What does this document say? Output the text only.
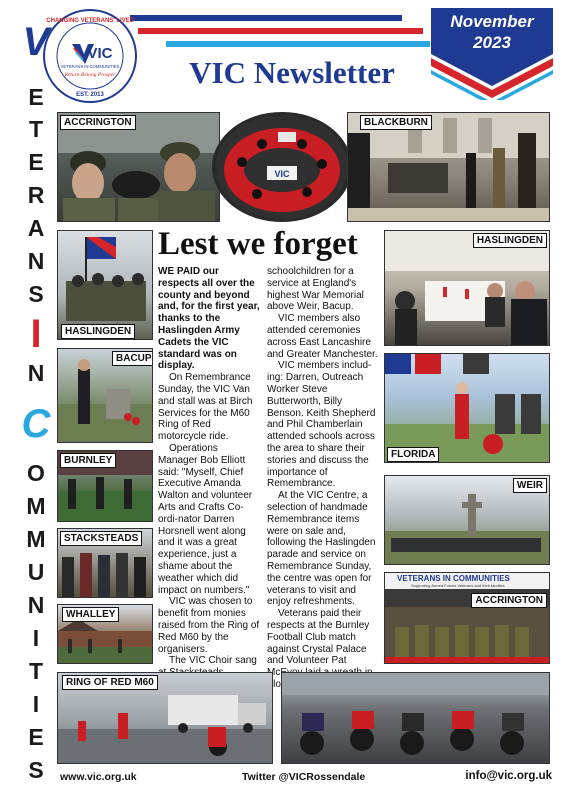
November
2023
VIC
VETERANS IN COMMUNITIES
Return Belong Prosper
CHANGING VETERANS' LIVES
EST. 2013
VIC Newsletter
V
E
T
E
R
A
N
S
I
N
C
O
M
M
U
N
I
T
I
E
S
ACCRINGTON
VIC
BLACKBURN
HASLINGDEN
BACUP
BURNLEY
STACKSTEADS
WHALLEY
Lest we forget

WE PAID our respects all over the county and beyond and, for the first year, thanks to the Haslingden Army Cadets the VIC standard was on display.

On Remembrance Sunday, the VIC Van and stall was at Birch Services for the M60 Ring of Red motorcycle ride.

Operations Manager Bob Elliott said: "Myself, Chief Executive Amanda Walton and volunteer Arts and Crafts Co-ordi-nator Darren Horsnell went along and it was a great experience, just a shame about the weather which did impact on numbers."

VIC was chosen to benefit from monies raised from the Ring of Red M60 by the organisers.

The VIC Choir sang

schoolchildren for a service at England's highest War Memorial above Weir, Bacup.

VIC members also attended ceremonies across East Lancashire and Greater Manchester.

VIC members includ-ing: Darren, Outreach Worker Steve Butterworth, Billy Benson. Keith Shepherd and Phil Chamberlain attended schools across the area to share their stories and discuss the importance of Remembrance.

At the VIC Centre, a selection of handmade Remembrance items were on sale and, following the Haslingden parade and service on Remembrance Sunday, the centre was open for veterans to visit and enjoy refreshments.

Veterans paid their respects at the Burnley Football Club match against Crystal Palace and Volunteer Pat

HASLINGDEN
FLORIDA
WEIR
VETERANS IN COMMUNITIES
Supporting Armed Forces Veterans and their families
ACCRINGTON
RING OF RED M60
www.vic.org.uk	Twitter @VICRossendale	info@vic.org.uk
